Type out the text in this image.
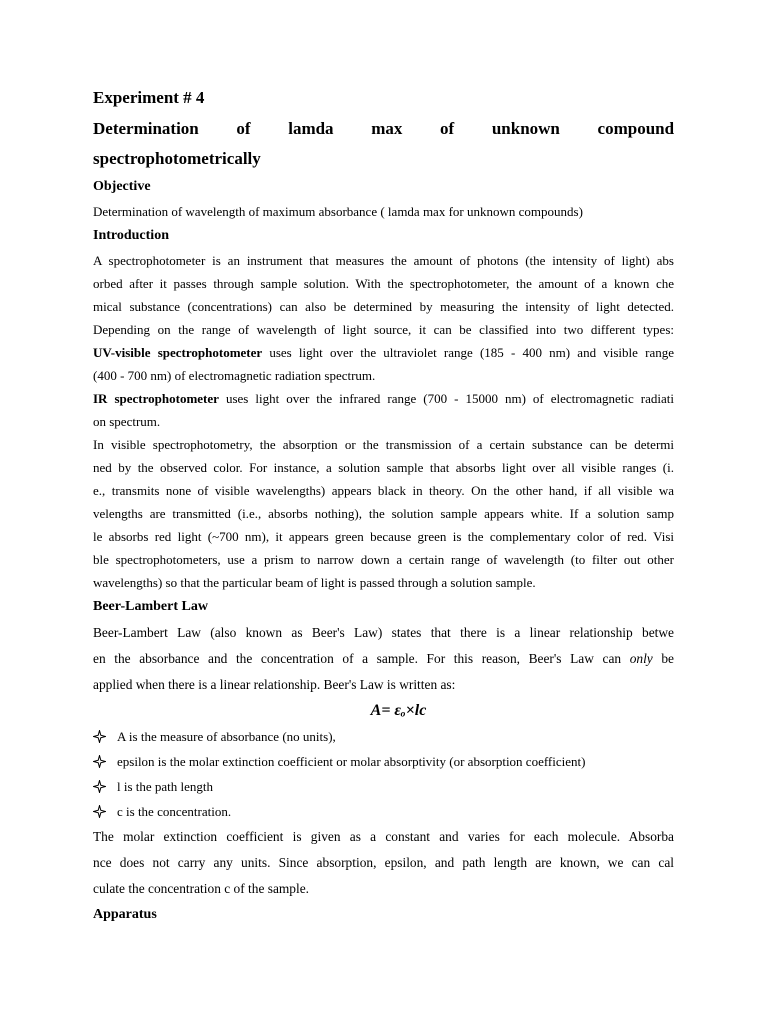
Experiment # 4
Determination of lamda max of unknown compound
spectrophotometrically
Objective
Determination of wavelength of maximum absorbance ( lamda max for unknown compounds)
Introduction
A spectrophotometer is an instrument that measures the amount of photons (the intensity of light) abs
orbed after it passes through sample solution. With the spectrophotometer, the amount of a known che
mical substance (concentrations) can also be determined by measuring the intensity of light detected.
Depending on the range of wavelength of light source, it can be classified into two different types:
UV-visible spectrophotometer uses light over the ultraviolet range (185 - 400 nm) and visible range
(400 - 700 nm) of electromagnetic radiation spectrum.
IR spectrophotometer uses light over the infrared range (700 - 15000 nm) of electromagnetic radiati
on spectrum.
In visible spectrophotometry, the absorption or the transmission of a certain substance can be determi
ned by the observed color. For instance, a solution sample that absorbs light over all visible ranges (i.
e., transmits none of visible wavelengths) appears black in theory. On the other hand, if all visible wa
velengths are transmitted (i.e., absorbs nothing), the solution sample appears white. If a solution samp
le absorbs red light (~700 nm), it appears green because green is the complementary color of red. Visi
ble spectrophotometers, use a prism to narrow down a certain range of wavelength (to filter out other
wavelengths) so that the particular beam of light is passed through a solution sample.
Beer-Lambert Law
Beer-Lambert Law (also known as Beer's Law) states that there is a linear relationship betwe
en the absorbance and the concentration of a sample. For this reason, Beer's Law can only be
applied when there is a linear relationship. Beer's Law is written as:
A= ɛₒ×lc
A is the measure of absorbance (no units),
epsilon is the molar extinction coefficient or molar absorptivity (or absorption coefficient)
l is the path length
c is the concentration.
The molar extinction coefficient is given as a constant and varies for each molecule. Absorba
nce does not carry any units. Since absorption, epsilon, and path length are known, we can cal
culate the concentration c of the sample.
Apparatus
